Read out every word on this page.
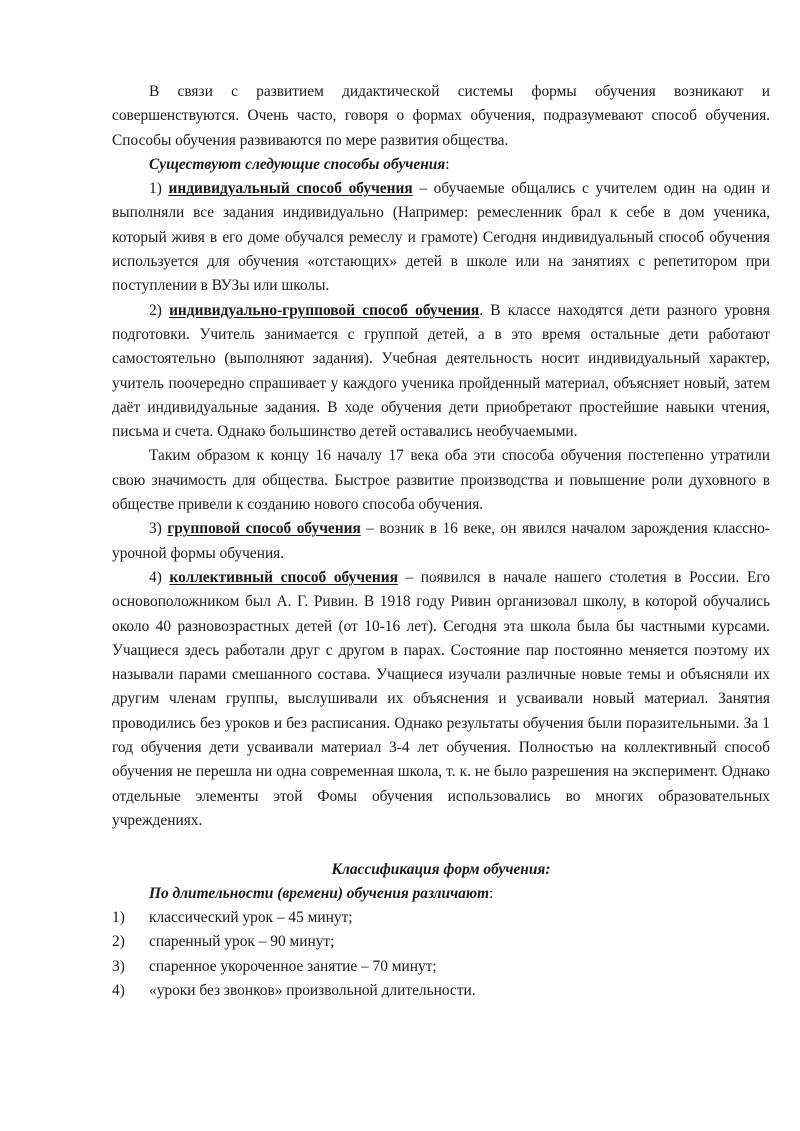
В связи с развитием дидактической системы формы обучения возникают и совершенствуются. Очень часто, говоря о формах обучения, подразумевают способ обучения. Способы обучения развиваются по мере развития общества.

Существуют следующие способы обучения:

1) индивидуальный способ обучения – обучаемые общались с учителем один на один и выполняли все задания индивидуально (Например: ремесленник брал к себе в дом ученика, который живя в его доме обучался ремеслу и грамоте) Сегодня индивидуальный способ обучения используется для обучения «отстающих» детей в школе или на занятиях с репетитором при поступлении в ВУЗы или школы.

2) индивидуально-групповой способ обучения. В классе находятся дети разного уровня подготовки. Учитель занимается с группой детей, а в это время остальные дети работают самостоятельно (выполняют задания). Учебная деятельность носит индивидуальный характер, учитель поочередно спрашивает у каждого ученика пройденный материал, объясняет новый, затем даёт индивидуальные задания. В ходе обучения дети приобретают простейшие навыки чтения, письма и счета. Однако большинство детей оставались необучаемыми.

Таким образом к концу 16 началу 17 века оба эти способа обучения постепенно утратили свою значимость для общества. Быстрое развитие производства и повышение роли духовного в обществе привели к созданию нового способа обучения.

3) групповой способ обучения – возник в 16 веке, он явился началом зарождения классно-урочной формы обучения.

4) коллективный способ обучения – появился в начале нашего столетия в России. Его основоположником был А. Г. Ривин. В 1918 году Ривин организовал школу, в которой обучались около 40 разновозрастных детей (от 10-16 лет). Сегодня эта школа была бы частными курсами. Учащиеся здесь работали друг с другом в парах. Состояние пар постоянно меняется поэтому их называли парами смешанного состава. Учащиеся изучали различные новые темы и объясняли их другим членам группы, выслушивали их объяснения и усваивали новый материал. Занятия проводились без уроков и без расписания. Однако результаты обучения были поразительными. За 1 год обучения дети усваивали материал 3-4 лет обучения. Полностью на коллективный способ обучения не перешла ни одна современная школа, т. к. не было разрешения на эксперимент. Однако отдельные элементы этой Фомы обучения использовались во многих образовательных учреждениях.

Классификация форм обучения:

По длительности (времени) обучения различают:

1)	классический урок – 45 минут;
2)	спаренный урок – 90 минут;
3)	спаренное укороченное занятие – 70 минут;
4)	«уроки без звонков» произвольной длительности.
